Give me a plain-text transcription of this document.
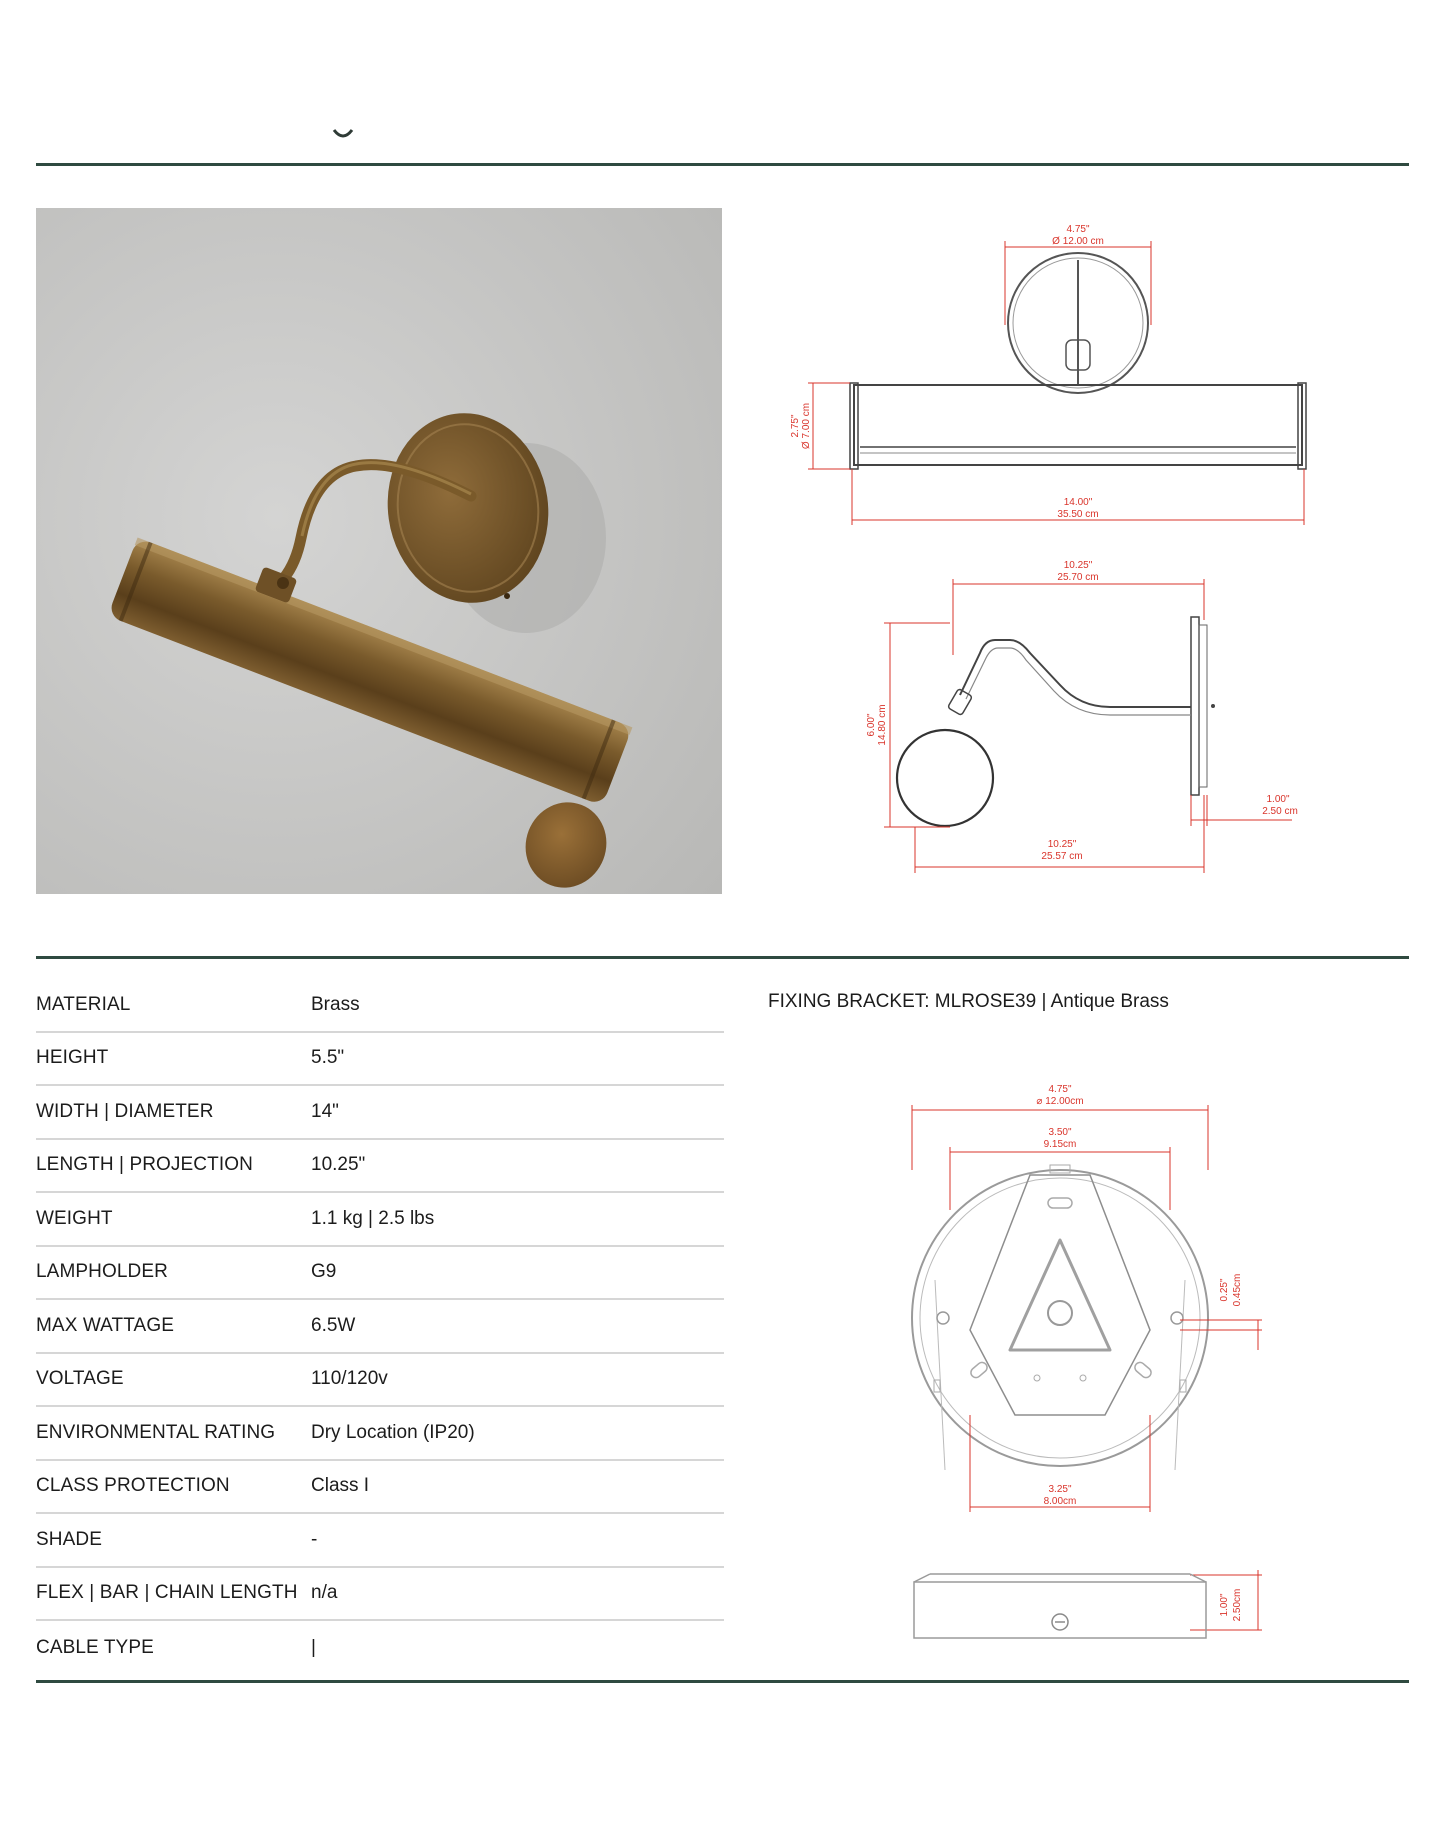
4.75"
Ø 12.00 cm
2.75" Ø 7.00 cm
14.00"
35.50 cm
10.25"
25.70 cm
6.00" 14.80 cm
10.25"
25.57 cm
1.00"
2.50 cm
MATERIAL	Brass
HEIGHT	5.5"
WIDTH | DIAMETER	14"
LENGTH | PROJECTION	10.25"
WEIGHT	1.1 kg | 2.5 lbs
LAMPHOLDER	G9
MAX WATTAGE	6.5W
VOLTAGE	110/120v
ENVIRONMENTAL RATING	Dry Location (IP20)
CLASS PROTECTION	Class I
SHADE	-
FLEX | BAR | CHAIN LENGTH n/a
CABLE TYPE	|
FIXING BRACKET: MLROSE39 | Antique Brass
4.75"
⌀ 12.00cm
3.50"
9.15cm
0.25" 0.45cm
3.25"
8.00cm
1.00" 2.50cm
